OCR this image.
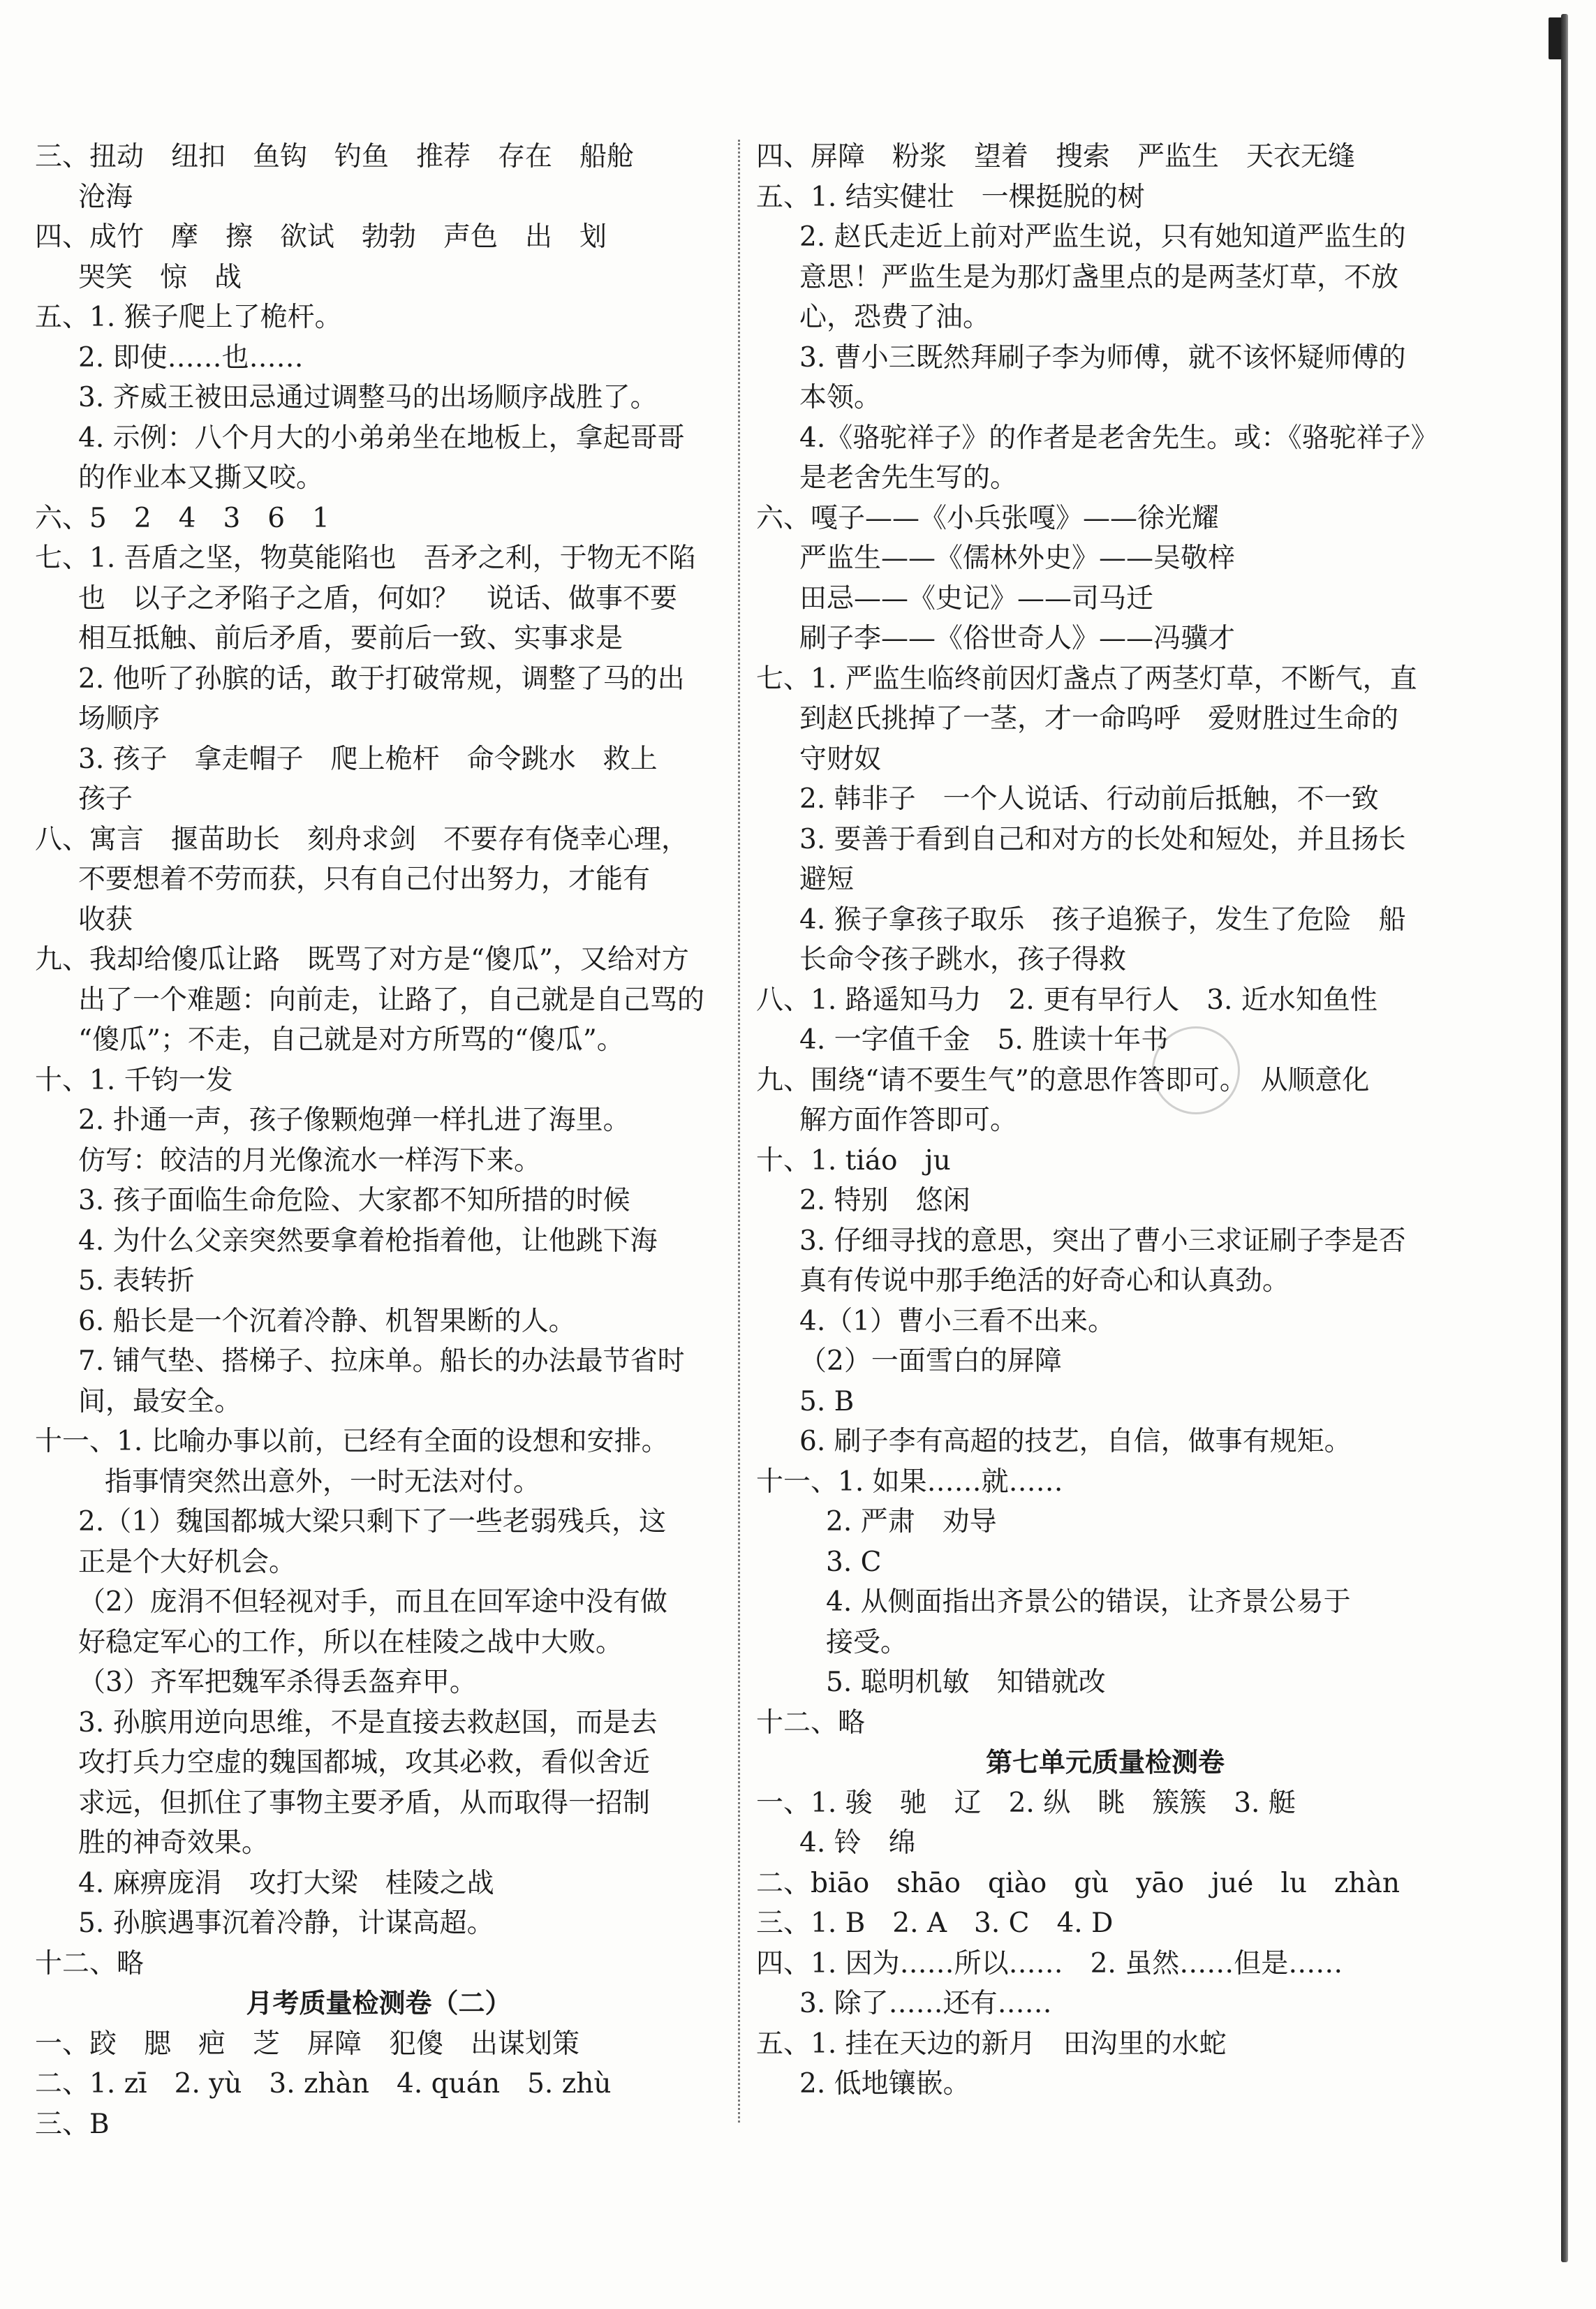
三、扭动　纽扣　鱼钩　钓鱼　推荐　存在　船舱
沧海
四、成竹　摩　擦　欲试　勃勃　声色　出　划
哭笑　惊　战
五、1. 猴子爬上了桅杆。
2. 即使……也……
3. 齐威王被田忌通过调整马的出场顺序战胜了。
4. 示例：八个月大的小弟弟坐在地板上，拿起哥哥
的作业本又撕又咬。
六、5　2　4　3　6　1
七、1. 吾盾之坚，物莫能陷也　吾矛之利，于物无不陷
也　以子之矛陷子之盾，何如？　说话、做事不要
相互抵触、前后矛盾，要前后一致、实事求是
2. 他听了孙膑的话，敢于打破常规，调整了马的出
场顺序
3. 孩子　拿走帽子　爬上桅杆　命令跳水　救上
孩子
八、寓言　揠苗助长　刻舟求剑　不要存有侥幸心理，
不要想着不劳而获，只有自己付出努力，才能有
收获
九、我却给傻瓜让路　既骂了对方是“傻瓜”，又给对方
出了一个难题：向前走，让路了，自己就是自己骂的
“傻瓜”；不走，自己就是对方所骂的“傻瓜”。
十、1. 千钧一发
2. 扑通一声，孩子像颗炮弹一样扎进了海里。
仿写：皎洁的月光像流水一样泻下来。
3. 孩子面临生命危险、大家都不知所措的时候
4. 为什么父亲突然要拿着枪指着他，让他跳下海
5. 表转折
6. 船长是一个沉着冷静、机智果断的人。
7. 铺气垫、搭梯子、拉床单。船长的办法最节省时
间，最安全。
十一、1. 比喻办事以前，已经有全面的设想和安排。
指事情突然出意外，一时无法对付。
2.（1）魏国都城大梁只剩下了一些老弱残兵，这
正是个大好机会。
（2）庞涓不但轻视对手，而且在回军途中没有做
好稳定军心的工作，所以在桂陵之战中大败。
（3）齐军把魏军杀得丢盔弃甲。
3. 孙膑用逆向思维，不是直接去救赵国，而是去
攻打兵力空虚的魏国都城，攻其必救，看似舍近
求远，但抓住了事物主要矛盾，从而取得一招制
胜的神奇效果。
4. 麻痹庞涓　攻打大梁　桂陵之战
5. 孙膑遇事沉着冷静，计谋高超。
十二、略
月考质量检测卷（二）
一、跤　腮　疤　芝　屏障　犯傻　出谋划策
二、1. zī　2. yù　3. zhàn　4. quán　5. zhù
三、B
四、屏障　粉浆　望着　搜索　严监生　天衣无缝
五、1. 结实健壮　一棵挺脱的树
2. 赵氏走近上前对严监生说，只有她知道严监生的
意思！严监生是为那灯盏里点的是两茎灯草，不放
心，恐费了油。
3. 曹小三既然拜刷子李为师傅，就不该怀疑师傅的
本领。
4.《骆驼祥子》的作者是老舍先生。或：《骆驼祥子》
是老舍先生写的。
六、嘎子——《小兵张嘎》——徐光耀
严监生——《儒林外史》——吴敬梓
田忌——《史记》——司马迁
刷子李——《俗世奇人》——冯骥才
七、1. 严监生临终前因灯盏点了两茎灯草，不断气，直
到赵氏挑掉了一茎，才一命呜呼　爱财胜过生命的
守财奴
2. 韩非子　一个人说话、行动前后抵触，不一致
3. 要善于看到自己和对方的长处和短处，并且扬长
避短
4. 猴子拿孩子取乐　孩子追猴子，发生了危险　船
长命令孩子跳水，孩子得救
八、1. 路遥知马力　2. 更有早行人　3. 近水知鱼性
4. 一字值千金　5. 胜读十年书
九、围绕“请不要生气”的意思作答即可。　从顺意化
解方面作答即可。
十、1. tiáo　ju
2. 特别　悠闲
3. 仔细寻找的意思，突出了曹小三求证刷子李是否
真有传说中那手绝活的好奇心和认真劲。
4.（1）曹小三看不出来。
（2）一面雪白的屏障
5. B
6. 刷子李有高超的技艺，自信，做事有规矩。
十一、1. 如果……就……
2. 严肃　劝导
3. C
4. 从侧面指出齐景公的错误，让齐景公易于
接受。
5. 聪明机敏　知错就改
十二、略
第七单元质量检测卷
一、1. 骏　驰　辽　2. 纵　眺　簇簇　3. 艇
4. 铃　绵
二、biāo　shāo　qiào　gù　yāo　jué　lu　zhàn
三、1. B　2. A　3. C　4. D
四、1. 因为……所以……　2. 虽然……但是……
3. 除了……还有……
五、1. 挂在天边的新月　田沟里的水蛇
2. 低地镶嵌。
